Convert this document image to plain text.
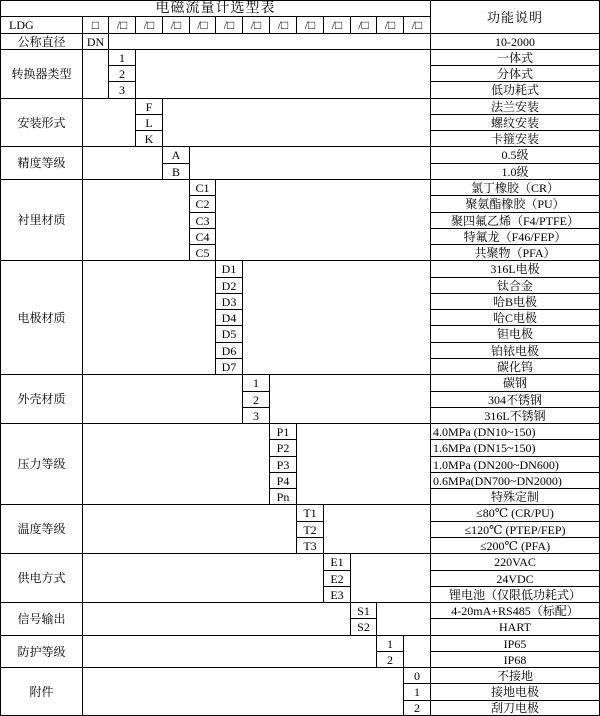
电磁流量计选型表
功能说明
LDG	□	/□	/□	/□	/□	/□	/□	/□	/□	/□	/□	/□	/□
公称直径	DN	10-2000
转换器类型
1	一体式
2	分体式
3	低功耗式
安装形式
F	法兰安装
L	螺纹安装
K	卡箍安装
精度等级
A	0.5级
B	1.0级
衬里材质
C1	氯丁橡胶（CR）
C2	聚氨酯橡胶（PU）
C3	聚四氟乙烯（F4/PTFE）
C4	特氟龙（F46/FEP）
C5	共聚物（PFA）
电极材质
D1	316L电极
D2	钛合金
D3	哈B电极
D4	哈C电极
D5	钽电极
D6	铂铱电极
D7	碳化钨
外壳材质
1	碳钢
2	304不锈钢
3	316L不锈钢
压力等级
P1	4.0MPa (DN10~150)
P2	1.6MPa (DN15~150)
P3	1.0MPa (DN200~DN600)
P4	0.6MPa(DN700~DN2000)
Pn	特殊定制
温度等级
T1	≤80℃ (CR/PU)
T2	≤120℃ (PTEP/FEP)
T3	≤200℃ (PFA)
供电方式
E1	220VAC
E2	24VDC
E3	锂电池（仅限低功耗式）
信号输出
S1	4-20mA+RS485（标配）
S2	HART
防护等级
1	IP65
2	IP68
附件
0	不接地
1	接地电极
2	刮刀电极
